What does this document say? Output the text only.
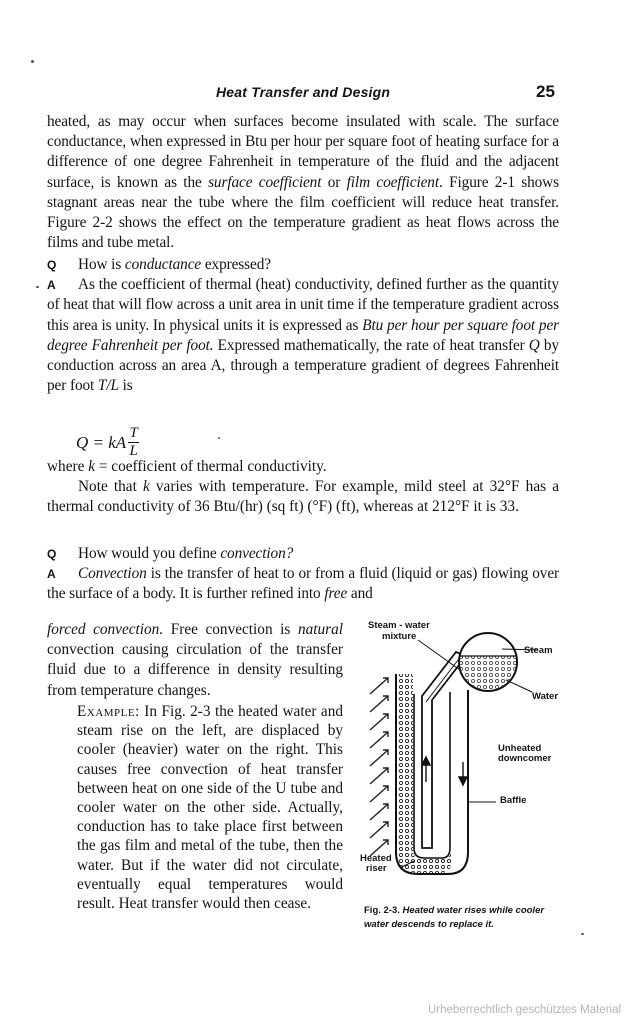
Heat Transfer and Design	25
heated, as may occur when surfaces become insulated with scale. The surface conductance, when expressed in Btu per hour per square foot of heating surface for a difference of one degree Fahrenheit in temperature of the fluid and the adjacent surface, is known as the surface coefficient or film coefficient. Figure 2-1 shows stagnant areas near the tube where the film coefficient will reduce heat transfer. Figure 2-2 shows the effect on the temperature gradient as heat flows across the films and tube metal.
Q How is conductance expressed?
A As the coefficient of thermal (heat) conductivity, defined further as the quantity of heat that will flow across a unit area in unit time if the temperature gradient across this area is unity. In physical units it is expressed as Btu per hour per square foot per degree Fahrenheit per foot. Expressed mathematically, the rate of heat transfer Q by conduction across an area A, through a temperature gradient of degrees Fahrenheit per foot T/L is
Q = kA $\frac{T}{L}$
where k = coefficient of thermal conductivity.
Note that k varies with temperature. For example, mild steel at 32°F has a thermal conductivity of 36 Btu/(hr) (sq ft) (°F) (ft), whereas at 212°F it is 33.
Q How would you define convection?
A Convection is the transfer of heat to or from a fluid (liquid or gas) flowing over the surface of a body. It is further refined into free and
forced convection. Free convection is natural convection causing circulation of the transfer fluid due to a difference in density resulting from temperature changes.
Example: In Fig. 2-3 the heated water and steam rise on the left, are displaced by cooler (heavier) water on the right. This causes free convection of heat transfer between heat on one side of the U tube and cooler water on the other side. Actually, conduction has to take place first between the gas film and metal of the tube, then the water. But if the water did not circulate, eventually equal temperatures would result. Heat transfer would then cease.
Steam - water
mixture
Steam
Water
Unheated
downcomer
Baffle
Heated
riser
Fig. 2-3. Heated water rises while cooler water descends to replace it.
Urheberrechtlich geschütztes Material
